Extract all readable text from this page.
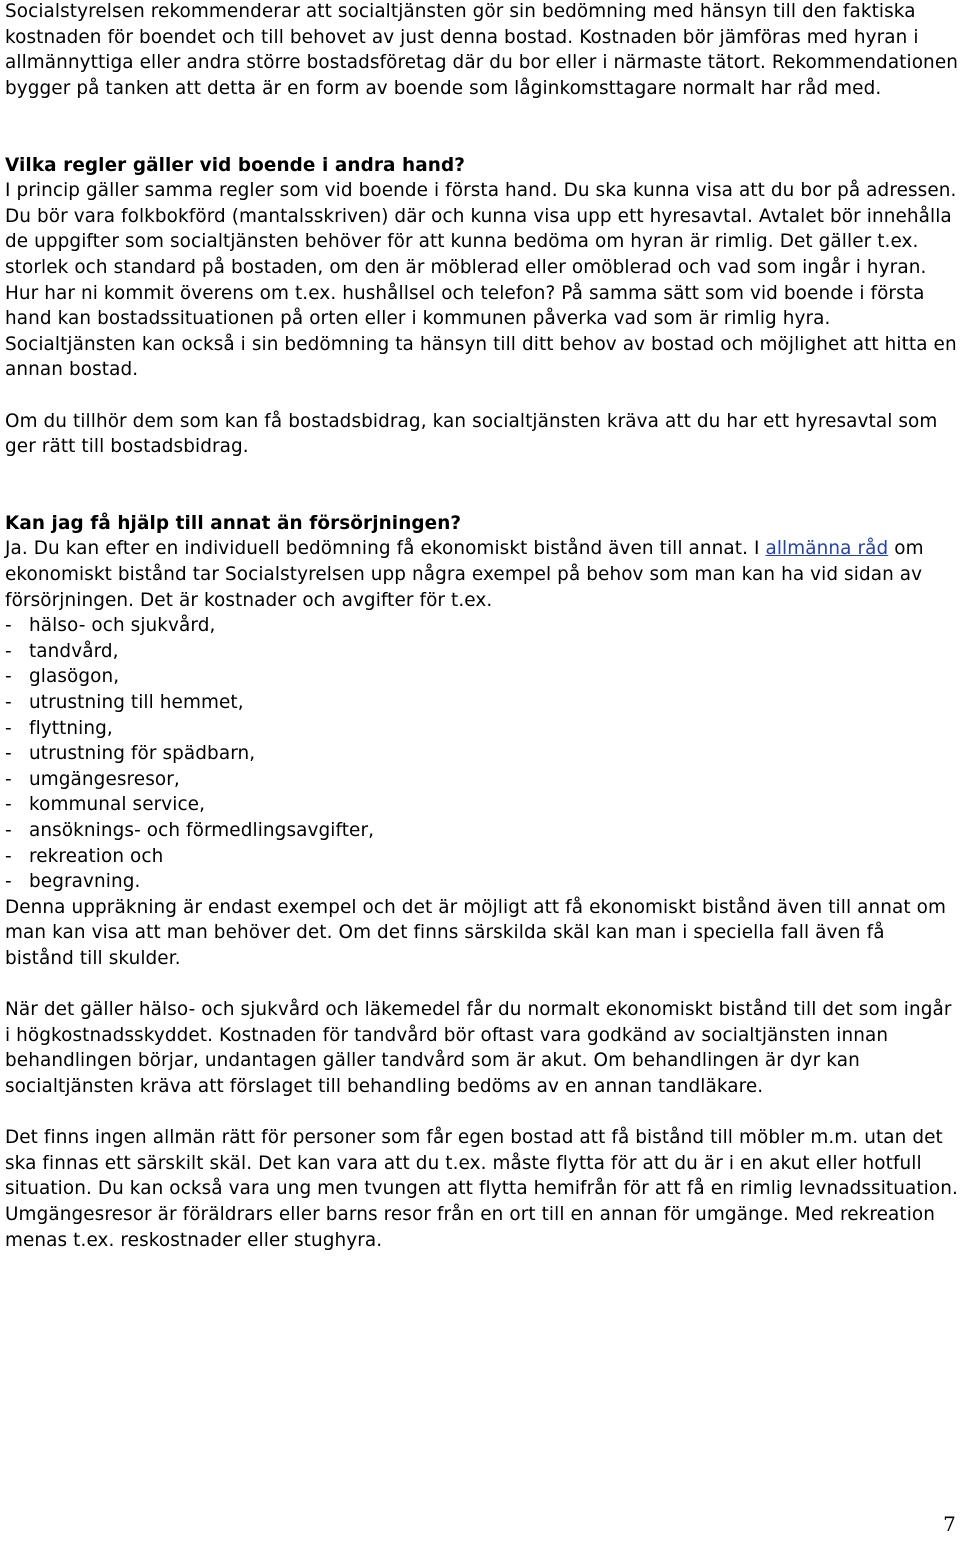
Socialstyrelsen rekommenderar att socialtjänsten gör sin bedömning med hänsyn till den faktiska kostnaden för boendet och till behovet av just denna bostad. Kostnaden bör jämföras med hyran i allmännyttiga eller andra större bostadsföretag där du bor eller i närmaste tätort. Rekommendationen bygger på tanken att detta är en form av boende som låginkomsttagare normalt har råd med.

Vilka regler gäller vid boende i andra hand?

I princip gäller samma regler som vid boende i första hand. Du ska kunna visa att du bor på adressen. Du bör vara folkbokförd (mantalsskriven) där och kunna visa upp ett hyresavtal. Avtalet bör innehålla de uppgifter som socialtjänsten behöver för att kunna bedöma om hyran är rimlig. Det gäller t.ex. storlek och standard på bostaden, om den är möblerad eller omöblerad och vad som ingår i hyran. Hur har ni kommit överens om t.ex. hushållsel och telefon? På samma sätt som vid boende i första hand kan bostadssituationen på orten eller i kommunen påverka vad som är rimlig hyra. Socialtjänsten kan också i sin bedömning ta hänsyn till ditt behov av bostad och möjlighet att hitta en annan bostad.

Om du tillhör dem som kan få bostadsbidrag, kan socialtjänsten kräva att du har ett hyresavtal som ger rätt till bostadsbidrag.

Kan jag få hjälp till annat än försörjningen?

Ja. Du kan efter en individuell bedömning få ekonomiskt bistånd även till annat. I allmänna råd om ekonomiskt bistånd tar Socialstyrelsen upp några exempel på behov som man kan ha vid sidan av försörjningen. Det är kostnader och avgifter för t.ex.

- hälso- och sjukvård,
- tandvård,
- glasögon,
- utrustning till hemmet,
- flyttning,
- utrustning för spädbarn,
- umgängesresor,
- kommunal service,
- ansöknings- och förmedlingsavgifter,
- rekreation och
- begravning.

Denna uppräkning är endast exempel och det är möjligt att få ekonomiskt bistånd även till annat om man kan visa att man behöver det. Om det finns särskilda skäl kan man i speciella fall även få bistånd till skulder.

När det gäller hälso- och sjukvård och läkemedel får du normalt ekonomiskt bistånd till det som ingår i högkostnadsskyddet. Kostnaden för tandvård bör oftast vara godkänd av socialtjänsten innan behandlingen börjar, undantagen gäller tandvård som är akut. Om behandlingen är dyr kan socialtjänsten kräva att förslaget till behandling bedöms av en annan tandläkare.

Det finns ingen allmän rätt för personer som får egen bostad att få bistånd till möbler m.m. utan det ska finnas ett särskilt skäl. Det kan vara att du t.ex. måste flytta för att du är i en akut eller hotfull situation. Du kan också vara ung men tvungen att flytta hemifrån för att få en rimlig levnadssituation. Umgängesresor är föräldrars eller barns resor från en ort till en annan för umgänge. Med rekreation menas t.ex. reskostnader eller stughyra.

7
